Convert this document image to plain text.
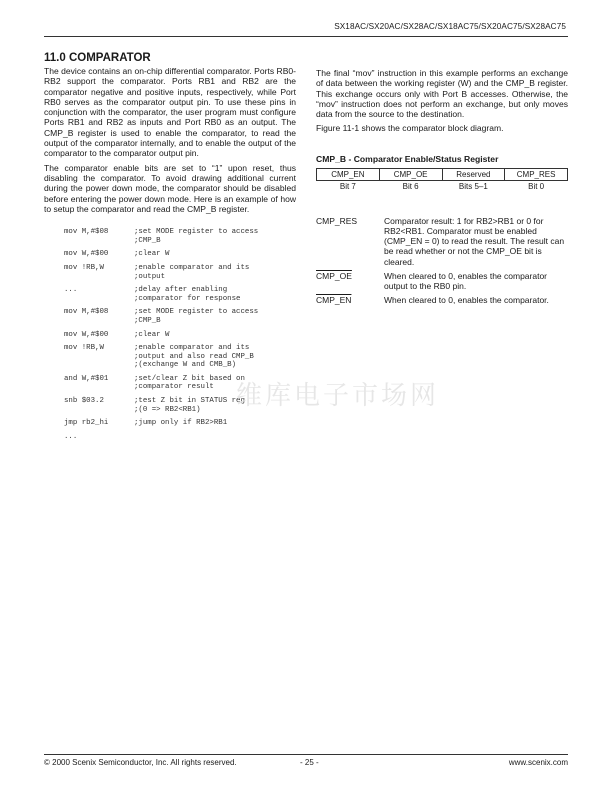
SX18AC/SX20AC/SX28AC/SX18AC75/SX20AC75/SX28AC75
11.0 COMPARATOR

The device contains an on-chip differential comparator. Ports RB0-RB2 support the comparator. Ports RB1 and RB2 are the comparator negative and positive inputs, respectively, while Port RB0 serves as the comparator output pin. To use these pins in conjunction with the comparator, the user program must configure Ports RB1 and RB2 as inputs and Port RB0 as an output. The CMP_B register is used to enable the comparator, to read the output of the comparator internally, and to enable the output of the comparator to the comparator output pin.

The comparator enable bits are set to “1” upon reset, thus disabling the comparator. To avoid drawing additional current during the power down mode, the comparator should be disabled before entering the power down mode. Here is an example of how to setup the comparator and read the CMP_B register.

mov M,#$08	;set MODE register to access
;CMP_B
mov W,#$00	;clear W
mov !RB,W	;enable comparator and its
;output
...	;delay after enabling
;comparator for response
mov M,#$08	;set MODE register to access
;CMP_B
mov W,#$00	;clear W
mov !RB,W	;enable comparator and its
;output and also read CMP_B
;(exchange W and CMB_B)
and W,#$01	;set/clear Z bit based on
;comparator result
snb $03.2	;test Z bit in STATUS reg
;(0 => RB2<RB1)
jmp rb2_hi	;jump only if RB2>RB1
...

The final “mov” instruction in this example performs an exchange of data between the working register (W) and the CMP_B register. This exchange occurs only with Port B accesses. Otherwise, the “mov” instruction does not perform an exchange, but only moves data from the source to the destination.

Figure 11-1 shows the comparator block diagram.

CMP_B - Comparator Enable/Status Register
CMP_EN	CMP_OE	Reserved	CMP_RES
Bit 7	Bit 6	Bits 5–1	Bit 0
CMP_RES	Comparator result: 1 for RB2>RB1 or 0 for RB2<RB1. Comparator must be enabled (CMP_EN = 0) to read the result. The result can be read whether or not the CMP_OE bit is cleared.
CMP_OE	When cleared to 0, enables the comparator output to the RB0 pin.
CMP_EN	When cleared to 0, enables the comparator.
维库电子市场网
© 2000 Scenix Semiconductor, Inc. All rights reserved.	- 25 -	www.scenix.com
